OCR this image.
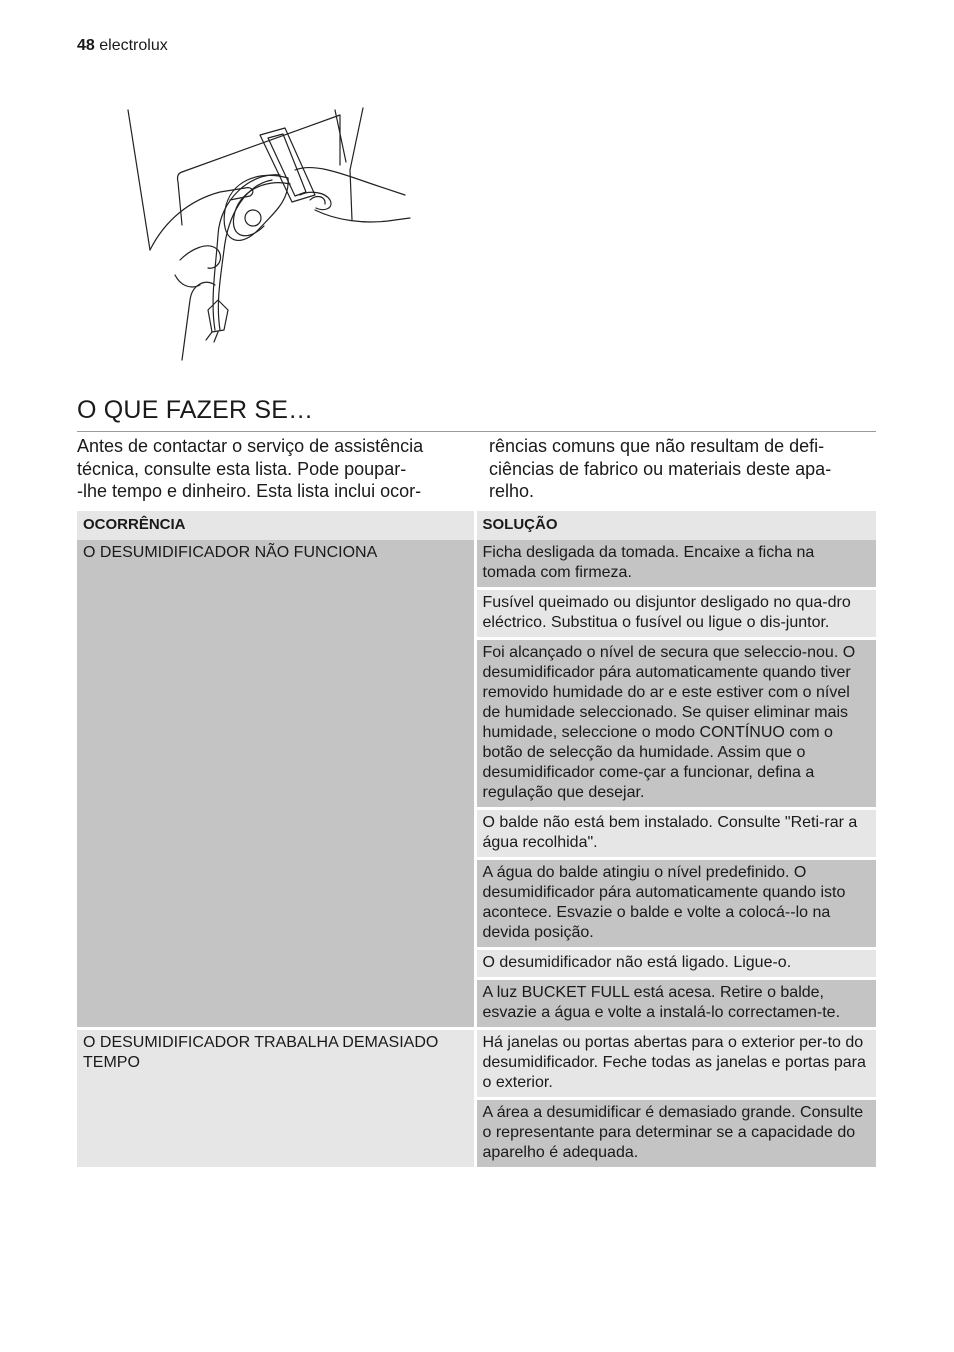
48 electrolux
O QUE FAZER SE…

Antes de contactar o serviço de assistência
técnica, consulte esta lista. Pode poupar-
-lhe tempo e dinheiro. Esta lista inclui ocor-

rências comuns que não resultam de defi-
ciências de fabrico ou materiais deste apa-
relho.

OCORRÊNCIA	SOLUÇÃO
O DESUMIDIFICADOR NÃO FUNCIONA	Ficha desligada da tomada. Encaixe a ficha na tomada com firmeza.
	Fusível queimado ou disjuntor desligado no qua-dro eléctrico. Substitua o fusível ou ligue o dis-juntor.
	Foi alcançado o nível de secura que seleccio-nou. O desumidificador pára automaticamente quando tiver removido humidade do ar e este estiver com o nível de humidade seleccionado. Se quiser eliminar mais humidade, seleccione o modo CONTÍNUO com o botão de selecção da humidade. Assim que o desumidificador come-çar a funcionar, defina a regulação que desejar.
	O balde não está bem instalado. Consulte "Reti-rar a água recolhida".
	A água do balde atingiu o nível predefinido. O desumidificador pára automaticamente quando isto acontece. Esvazie o balde e volte a colocá--lo na devida posição.
	O desumidificador não está ligado. Ligue-o.
	A luz BUCKET FULL está acesa. Retire o balde, esvazie a água e volte a instalá-lo correctamen-te.
O DESUMIDIFICADOR TRABALHA DEMASIADO TEMPO	Há janelas ou portas abertas para o exterior per-to do desumidificador. Feche todas as janelas e portas para o exterior.
	A área a desumidificar é demasiado grande. Consulte o representante para determinar se a capacidade do aparelho é adequada.
